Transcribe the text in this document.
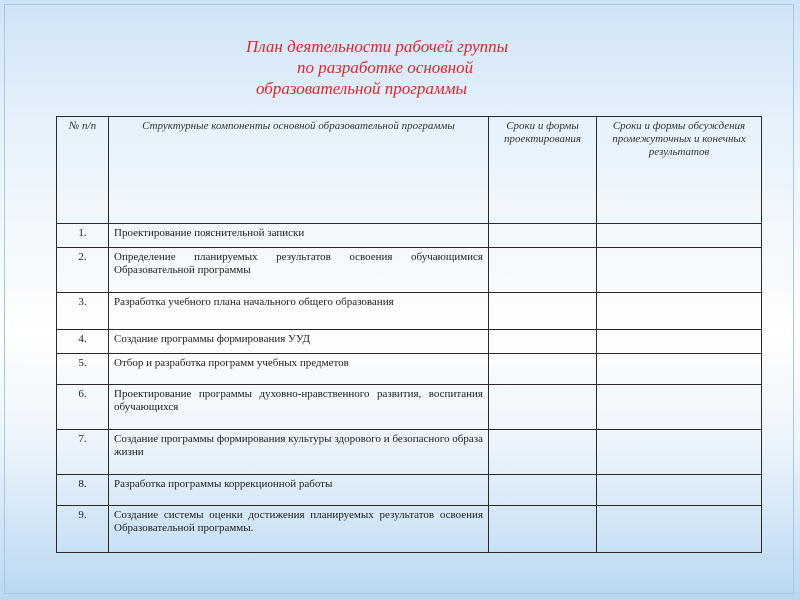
План деятельности рабочей группы
по разработке основной
образовательной программы
№ п/п	Структурные компоненты основной образовательной программы	Сроки и формы проектирования	Сроки и формы обсуждения промежуточных и конечных результатов
1.	Проектирование пояснительной записки		
2.	Определение планируемых результатов освоения обучающимися Образовательной программы		
3.	Разработка учебного плана начального общего образования		
4.	Создание программы формирования УУД		
5.	Отбор и разработка программ учебных предметов		
6.	Проектирование программы духовно-нравственного развития, воспитания обучающихся		
7.	Создание программы формирования культуры здорового и безопасного образа жизни		
8.	Разработка программы коррекционной работы		
9.	Создание системы оценки достижения планируемых результатов освоения Образовательной программы.		
